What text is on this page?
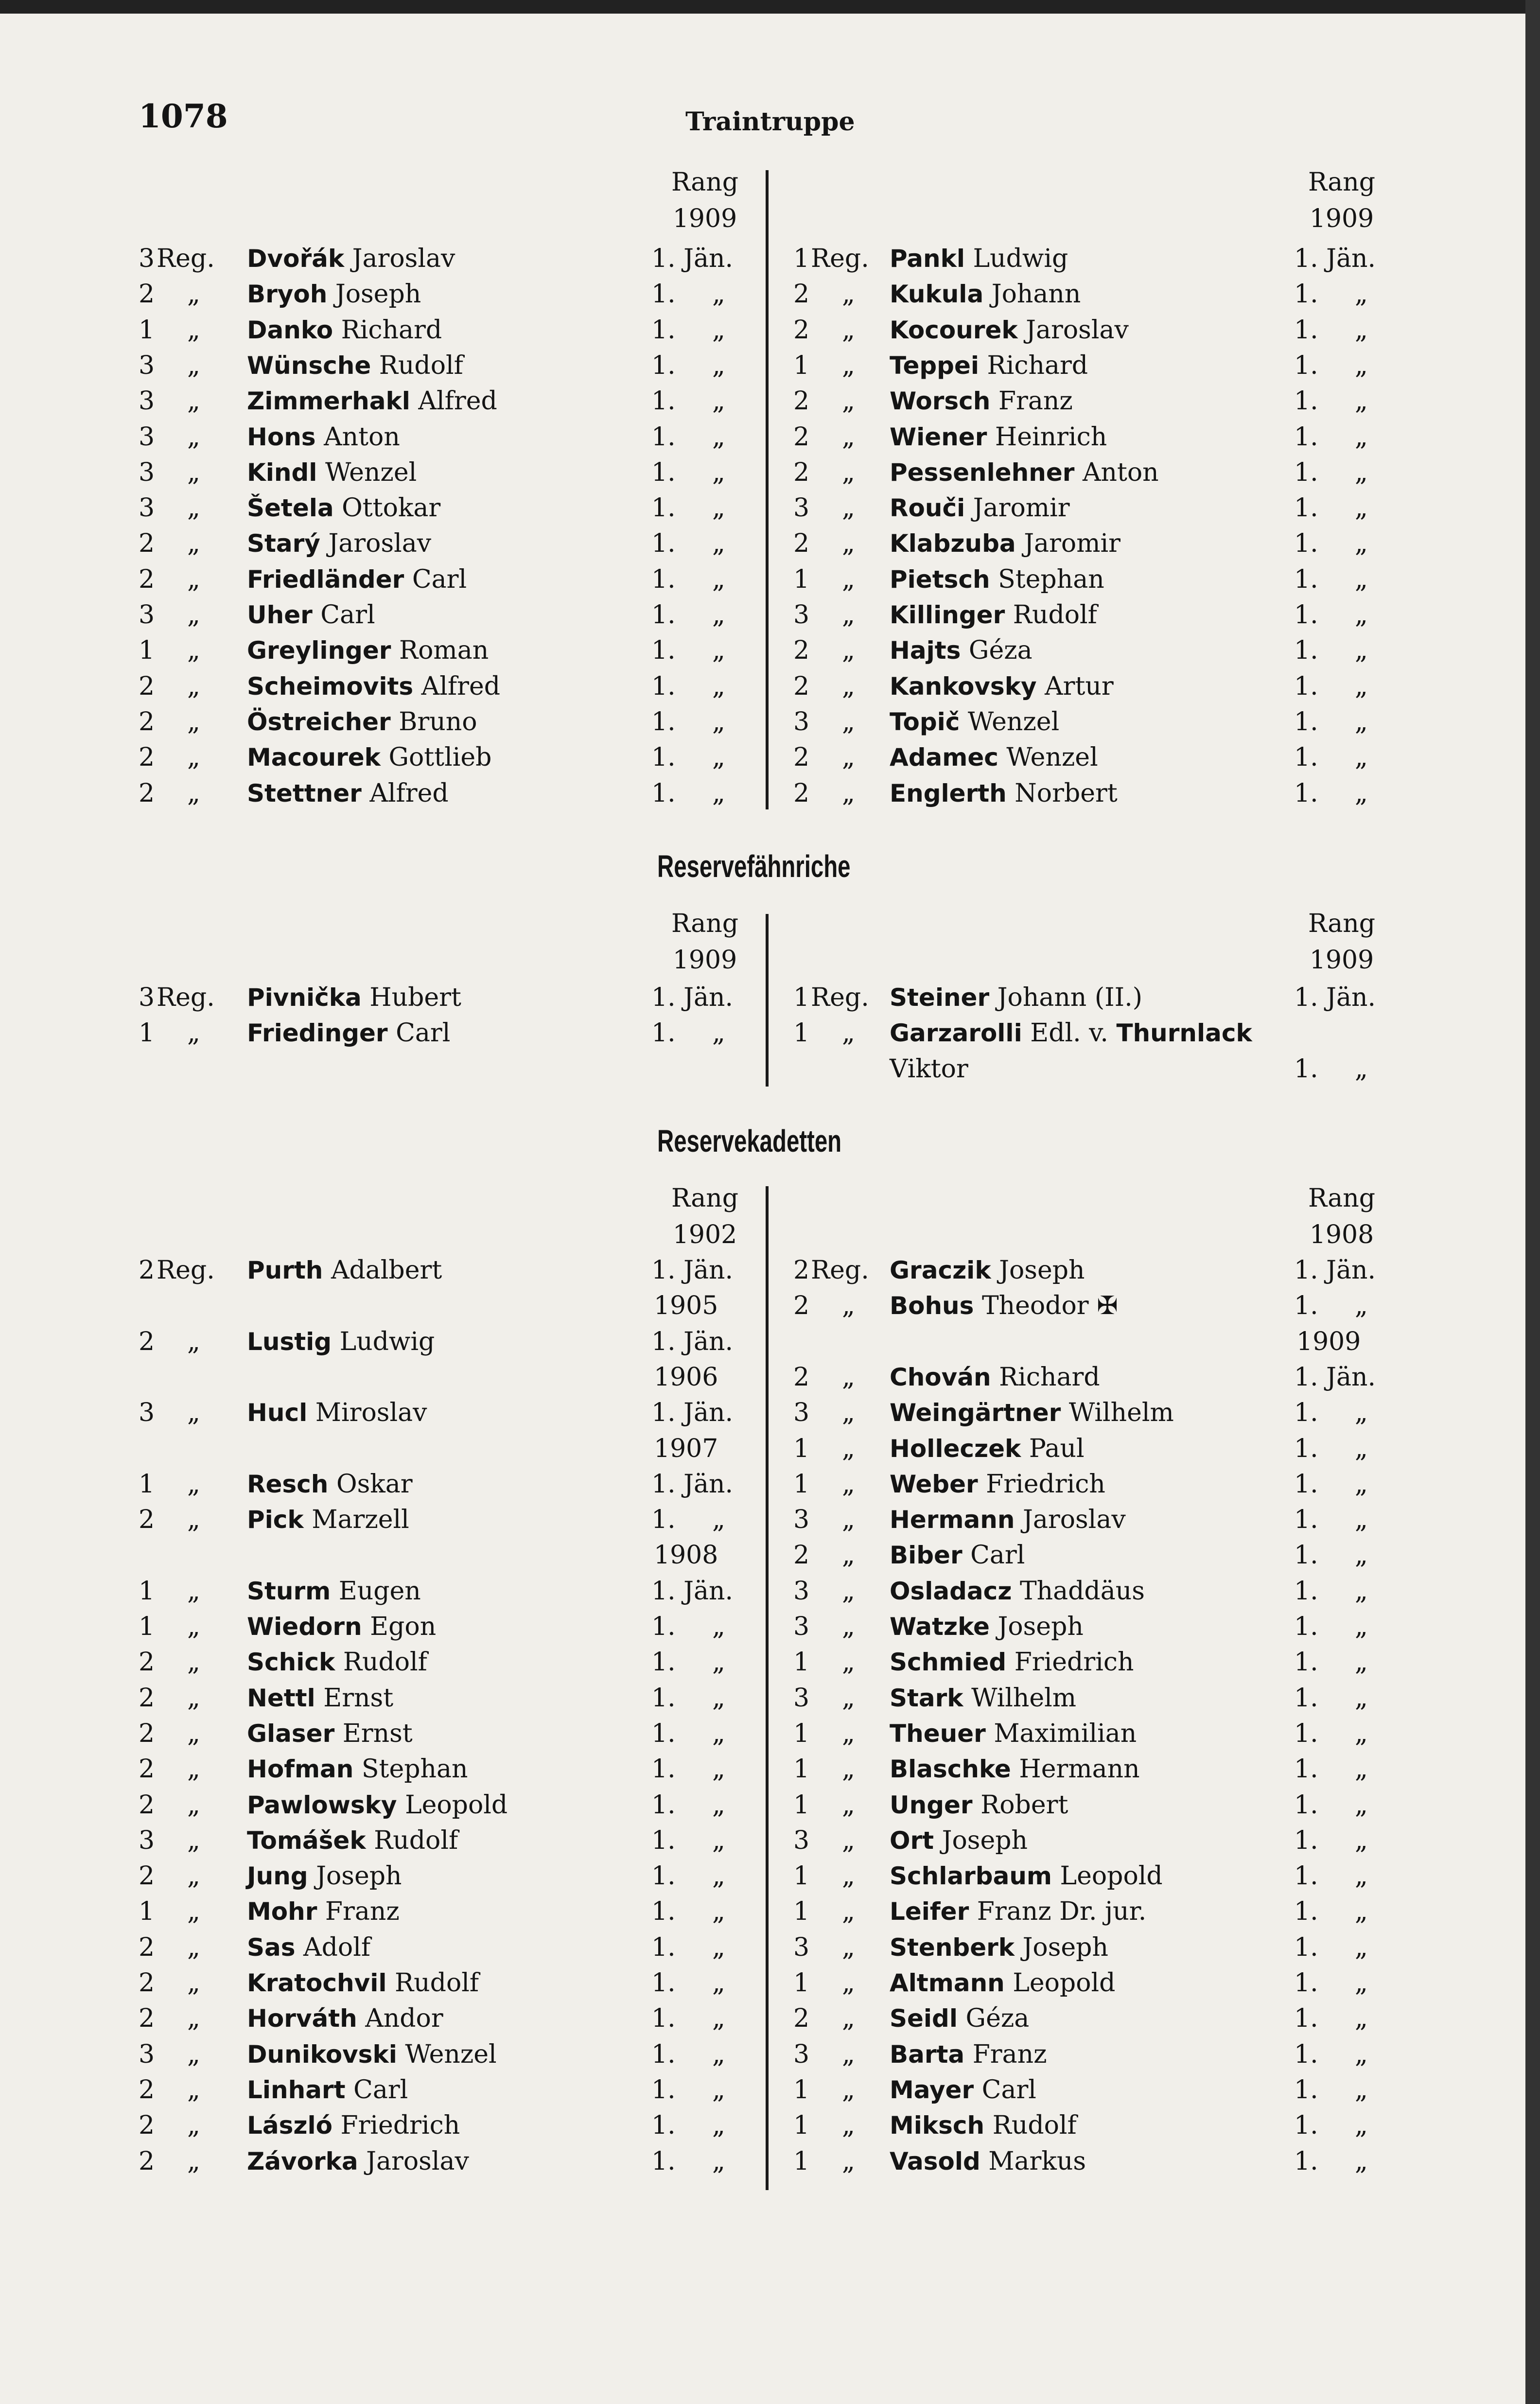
1078	Traintruppe
Rang
1909
3 Reg. Dvořák Jaroslav	1. Jän.
2 „ Bryoh Joseph	1. „
1 „ Danko Richard	1. „
3 „ Wünsche Rudolf	1. „
3 „ Zimmerhakl Alfred	1. „
3 „ Hons Anton	1. „
3 „ Kindl Wenzel	1. „
3 „ Šetela Ottokar	1. „
2 „ Starý Jaroslav	1. „
2 „ Friedländer Carl	1. „
3 „ Uher Carl	1. „
1 „ Greylinger Roman	1. „
2 „ Scheimovits Alfred	1. „
2 „ Östreicher Bruno	1. „
2 „ Macourek Gottlieb	1. „
2 „ Stettner Alfred	1. „
Rang
1909
1 Reg. Pankl Ludwig	1. Jän.
2 „ Kukula Johann	1. „
2 „ Kocourek Jaroslav	1. „
1 „ Teppei Richard	1. „
2 „ Worsch Franz	1. „
2 „ Wiener Heinrich	1. „
2 „ Pessenlehner Anton	1. „
3 „ Rouči Jaromir	1. „
2 „ Klabzuba Jaromir	1. „
1 „ Pietsch Stephan	1. „
3 „ Killinger Rudolf	1. „
2 „ Hajts Géza	1. „
2 „ Kankovsky Artur	1. „
3 „ Topič Wenzel	1. „
2 „ Adamec Wenzel	1. „
2 „ Englerth Norbert	1. „
Reservefähnriche
Rang
1909
3 Reg. Pivnička Hubert	1. Jän.
1 „ Friedinger Carl	1. „
Rang
1909
1 Reg. Steiner Johann (II.)	1. Jän.
1 „ Garzarolli Edl. v. Thurnlack
Viktor	1. „
Reservekadetten
Rang
1902
2 Reg. Purth Adalbert	1. Jän.
1905
2 „ Lustig Ludwig	1. Jän.
1906
3 „ Hucl Miroslav	1. Jän.
1907
1 „ Resch Oskar	1. Jän.
2 „ Pick Marzell	1. „
1908
1 „ Sturm Eugen	1. Jän.
1 „ Wiedorn Egon	1. „
2 „ Schick Rudolf	1. „
2 „ Nettl Ernst	1. „
2 „ Glaser Ernst	1. „
2 „ Hofman Stephan	1. „
2 „ Pawlowsky Leopold	1. „
3 „ Tomášek Rudolf	1. „
2 „ Jung Joseph	1. „
1 „ Mohr Franz	1. „
2 „ Sas Adolf	1. „
2 „ Kratochvil Rudolf	1. „
2 „ Horváth Andor	1. „
3 „ Dunikovski Wenzel	1. „
2 „ Linhart Carl	1. „
2 „ László Friedrich	1. „
2 „ Závorka Jaroslav	1. „
Rang
1908
2 Reg. Graczik Joseph	1. Jän.
2 „ Bohus Theodor ✠	1. „
1909
2 „ Chován Richard	1. Jän.
3 „ Weingärtner Wilhelm	1. „
1 „ Holleczek Paul	1. „
1 „ Weber Friedrich	1. „
3 „ Hermann Jaroslav	1. „
2 „ Biber Carl	1. „
3 „ Osladacz Thaddäus	1. „
3 „ Watzke Joseph	1. „
1 „ Schmied Friedrich	1. „
3 „ Stark Wilhelm	1. „
1 „ Theuer Maximilian	1. „
1 „ Blaschke Hermann	1. „
1 „ Unger Robert	1. „
3 „ Ort Joseph	1. „
1 „ Schlarbaum Leopold	1. „
1 „ Leifer Franz Dr. jur.	1. „
3 „ Stenberk Joseph	1. „
1 „ Altmann Leopold	1. „
2 „ Seidl Géza	1. „
3 „ Barta Franz	1. „
1 „ Mayer Carl	1. „
1 „ Miksch Rudolf	1. „
1 „ Vasold Markus	1. „
